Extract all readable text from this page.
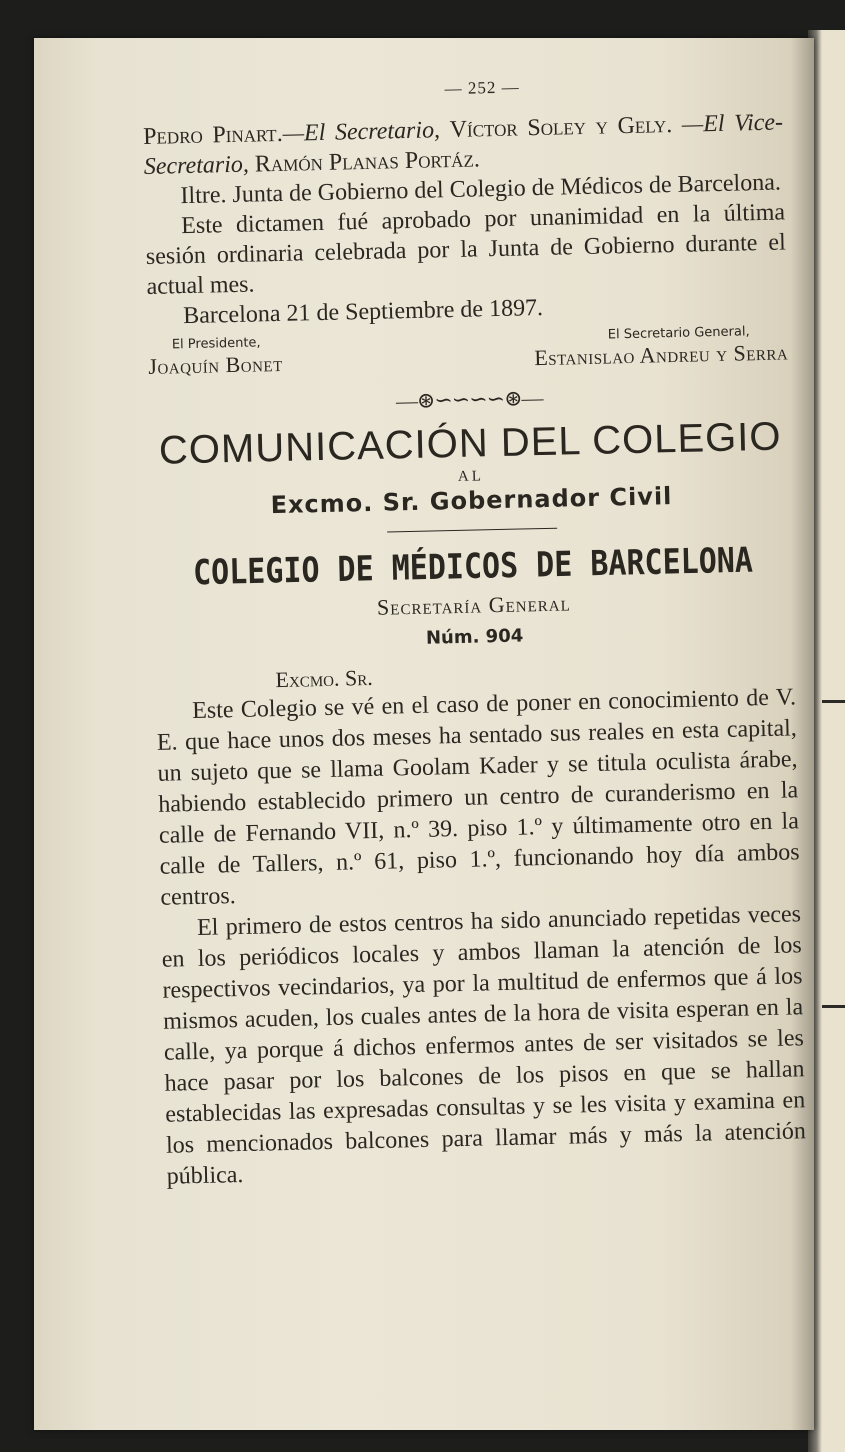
— 252 —

Pedro Pinart.—El Secretario, Víctor Soley y Gely. —El Vice-Secretario, Ramón Planas Portáz.

Iltre. Junta de Gobierno del Colegio de Médicos de Barcelona.

Este dictamen fué aprobado por unanimidad en la última sesión ordinaria celebrada por la Junta de Gobierno durante el actual mes.

Barcelona 21 de Septiembre de 1897.

El Presidente,
Joaquín Bonet
El Secretario General,
Estanislao Andreu y Serra
—⊛∽∽∽∽⊛—
COMUNICACIÓN DEL COLEGIO
AL
Excmo. Sr. Gobernador Civil
COLEGIO DE MÉDICOS DE BARCELONA
Secretaría General
Núm. 904
Excmo. Sr.

Este Colegio se vé en el caso de poner en conocimiento de V. E. que hace unos dos meses ha sentado sus reales en esta capital, un sujeto que se llama Goolam Kader y se titula oculista árabe, habiendo establecido primero un centro de curanderismo en la calle de Fernando VII, n.º 39. piso 1.º y últimamente otro en la calle de Tallers, n.º 61, piso 1.º, funcionando hoy día ambos centros.

El primero de estos centros ha sido anunciado repetidas veces en los periódicos locales y ambos llaman la atención de los respectivos vecindarios, ya por la multitud de enfermos que á los mismos acuden, los cuales antes de la hora de visita esperan en la calle, ya porque á dichos enfermos antes de ser visitados se les hace pasar por los balcones de los pisos en que se hallan establecidas las expresadas consultas y se les visita y examina en los mencionados balcones para llamar más y más la atención pública.
